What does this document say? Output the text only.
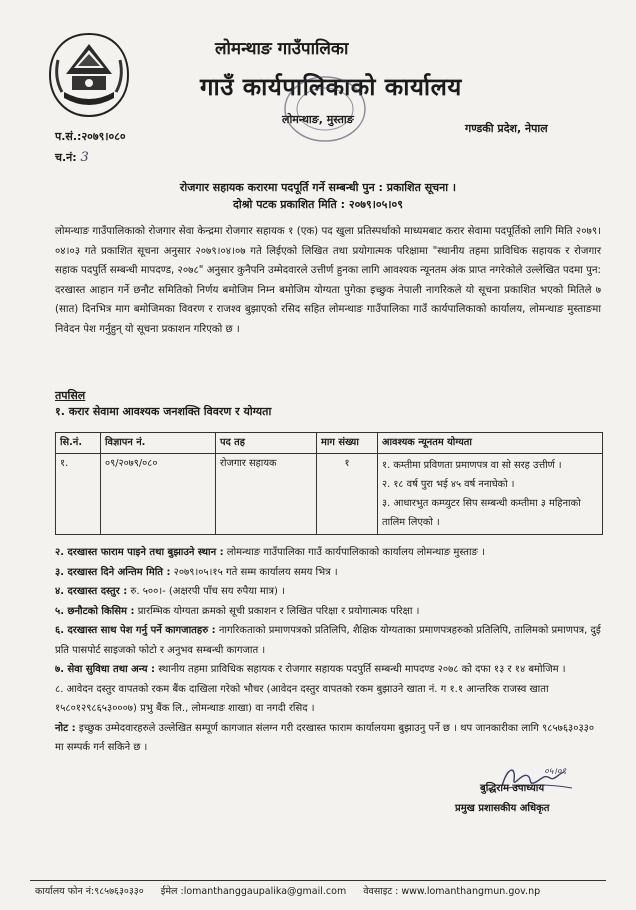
लोमन्थाङ गाउँपालिका
गाउँ कार्यपालिकाको कार्यालय
लोमन्थाङ, मुस्ताङ
गण्डकी प्रदेश, नेपाल
प.सं.:२०७९।०८०
च.नं: 3
रोजगार सहायक करारमा पदपूर्ति गर्ने सम्बन्धी पुन : प्रकाशित सूचना ।
दोश्रो पटक प्रकाशित मिति : २०७९।०५।०९
लोमन्थाङ गाउँपालिकाको रोजगार सेवा केन्द्रमा रोजगार सहायक १ (एक) पद खुला प्रतिस्पर्धाको माध्यमबाट करार सेवामा पदपूर्तिको लागि मिति २०७९।०४।०३ गते प्रकाशित सूचना अनुसार २०७९।०४।०७ गते लिईएको लिखित तथा प्रयोगात्मक परिक्षामा "स्थानीय तहमा प्राविधिक सहायक र रोजगार सहाक पदपुर्ति सम्बन्धी मापदण्ड, २०७८" अनुसार कुनैपनि उम्मेदवारले उत्तीर्ण हुनका लागि आवश्यक न्यूनतम अंक प्राप्त नगरेकोले उल्लेखित पदमा पुन: दरखास्त आहान गर्ने छनौट समितिको निर्णय बमोजिम निम्न बमोजिम योग्यता पुगेका इच्छुक नेपाली नागरिकले यो सूचना प्रकाशित भएको मितिले ७ (सात) दिनभित्र माग बमोजिमका विवरण र राजश्व बुझाएको रसिद सहित लोमन्थाङ गाउँपालिका गाउँ कार्यपालिकाको कार्यालय, लोमन्थाङ मुस्ताङमा निवेदन पेश गर्नुहुन् यो सूचना प्रकाशन गरिएको छ ।
तपसिल
१. करार सेवामा आवश्यक जनशक्ति विवरण र योग्यता
सि.नं.	विज्ञापन नं.	पद तह	माग संख्या	आवश्यक न्यूनतम योग्यता
१.	०९/२०७९/०८०	रोजगार सहायक	१	१. कम्तीमा प्रविणता प्रमाणपत्र वा सो सरह उत्तीर्ण ।
२. १८ वर्ष पुरा भई ४५ वर्ष ननाघेको ।
३. आधारभुत कम्प्युटर सिप सम्बन्धी कम्तीमा ३ महिनाको तालिम लिएको ।
२. दरखास्त फाराम पाइने तथा बुझाउने स्थान : लोमन्थाङ गाउँपालिका गाउँ कार्यपालिकाको कार्यालय लोमन्थाङ मुस्ताङ ।
३. दरखास्त दिने अन्तिम मिति : २०७९।०५।१५ गते सम्म कार्यालय समय भित्र ।
४. दरखास्त दस्तुर : रु. ५००।- (अक्षरपी पाँच सय रुपैया मात्र) ।
५. छनौटको किसिम : प्रारम्भिक योग्यता क्रमको सूची प्रकाशन र लिखित परिक्षा र प्रयोगात्मक परिक्षा ।
६. दरखास्त साथ पेश गर्नु पर्ने कागजातहरु : नागरिकताको प्रमाणपत्रको प्रतिलिपि, शैक्षिक योग्यताका प्रमाणपत्रहरुको प्रतिलिपि, तालिमको प्रमाणपत्र, दुई प्रति पासपोर्ट साइजको फोटो र अनुभव सम्बन्धी कागजात ।
७. सेवा सुविधा तथा अन्य : स्थानीय तहमा प्राविधिक सहायक र रोजगार सहायक पदपुर्ति सम्बन्धी मापदण्ड २०७८ को दफा १३ र १४ बमोजिम ।
८. आवेदन दस्तुर वापतको रकम बैंक दाखिला गरेको भौचर (आवेदन दस्तुर वापतको रकम बुझाउने खाता नं. ग १.१ आन्तरिक राजस्व खाता १५८०१२९८६५३०००७) प्रभु बैंक लि., लोमन्थाङ शाखा) वा नगदी रसिद ।
नोट : इच्छुक उम्मेदवारहरुले उल्लेखित सम्पूर्ण कागजात संलग्न गरी दरखास्त फाराम कार्यालयमा बुझाउनु पर्ने छ । थप जानकारीका लागि ९८५७६३०३३० मा सम्पर्क गर्न सकिने छ ।
०५।०९
बुद्धिराम उपाध्याय
प्रमुख प्रशासकीय अधिकृत
कार्यालय फोन नं:९८५७६३०३३० ईमेल :lomanthanggaupalika@gmail.com वेवसाइट : www.lomanthangmun.gov.np
